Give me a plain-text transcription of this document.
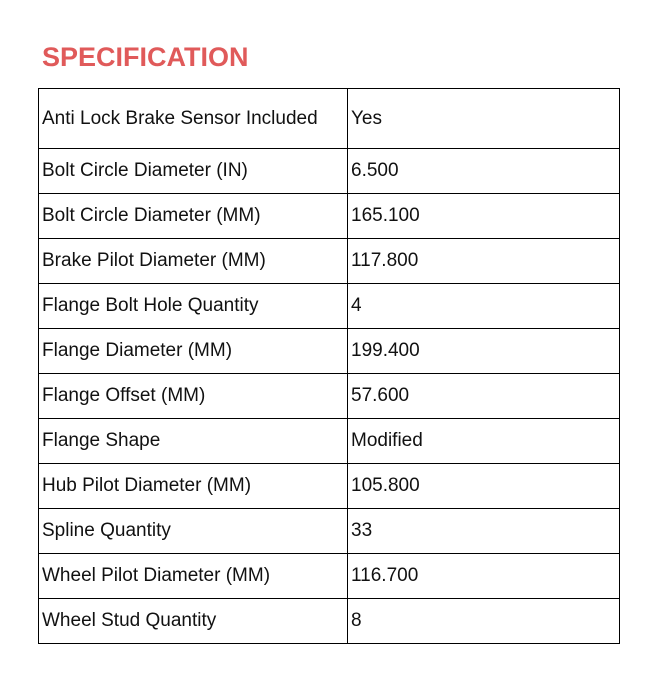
SPECIFICATION
Anti Lock Brake Sensor Included	Yes
Bolt Circle Diameter (IN)	6.500
Bolt Circle Diameter (MM)	165.100
Brake Pilot Diameter (MM)	117.800
Flange Bolt Hole Quantity	4
Flange Diameter (MM)	199.400
Flange Offset (MM)	57.600
Flange Shape	Modified
Hub Pilot Diameter (MM)	105.800
Spline Quantity	33
Wheel Pilot Diameter (MM)	116.700
Wheel Stud Quantity	8
